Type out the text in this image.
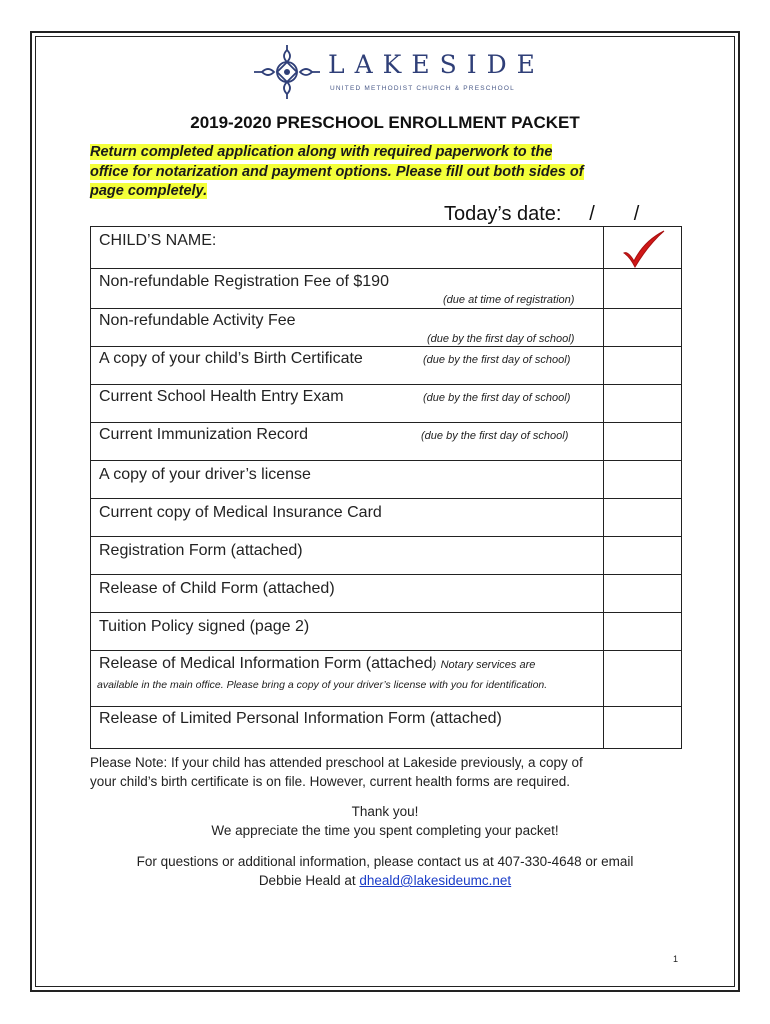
LAKESIDE
UNITED METHODIST CHURCH & PRESCHOOL
2019-2020 PRESCHOOL ENROLLMENT PACKET
Return completed application along with required paperwork to the
office for notarization and payment options. Please fill out both sides of
page completely.
Today’s date:     /       /
CHILD’S NAME:

Non-refundable Registration Fee of $190
(due at time of registration)	

Non-refundable Activity Fee
(due by the first day of school)	

A copy of your child’s Birth Certificate (due by the first day of school)	

Current School Health Entry Exam (due by the first day of school)	

Current Immunization Record (due by the first day of school)	

A copy of your driver’s license	

Current copy of Medical Insurance Card	

Registration Form (attached)	

Release of Child Form (attached)	

Tuition Policy signed (page 2)	

Release of Medical Information Form (attached) Notary services are
available in the main office. Please bring a copy of your driver’s license with you for identification.	

Release of Limited Personal Information Form (attached)	

Please Note: If your child has attended preschool at Lakeside previously, a copy of
your child’s birth certificate is on file. However, current health forms are required.
Thank you!
We appreciate the time you spent completing your packet!
For questions or additional information, please contact us at 407-330-4648 or email
Debbie Heald at dheald@lakesideumc.net
1
